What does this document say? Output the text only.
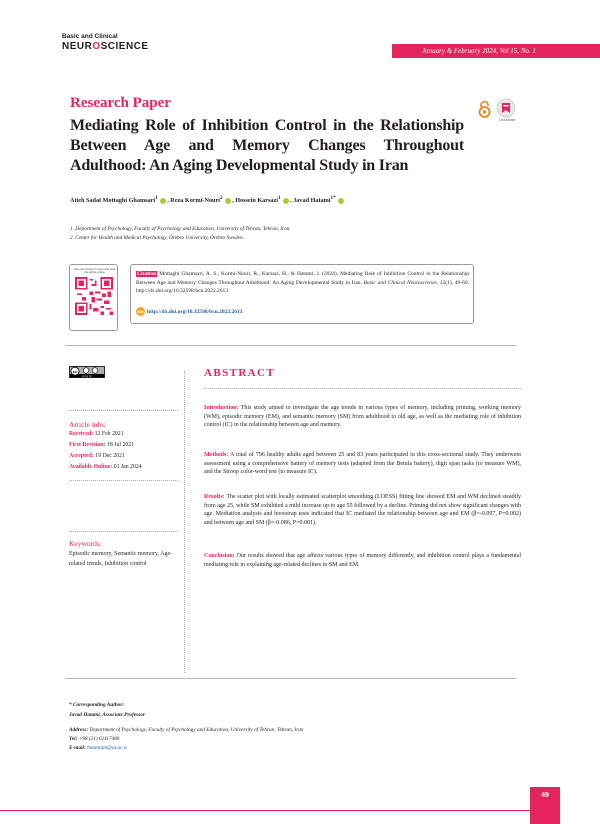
Basic and Clinical
NEUROSCIENCE	January & February 2024, Vol 15, No. 1
Research Paper
Mediating Role of Inhibition Control in the Relationship Between Age and Memory Changes Throughout Adulthood: An Aging Developmental Study in Iran
CrossMark
Atieh Sadat Mottaghi Ghamsari$^1$ , Reza Kormi-Nouri$^2$ , Hossein Karsazi$^1$ , Javad Hatami$^{1*}$
1. Department of Psychology, Faculty of Psychology and Education, University of Tehran, Tehran, Iran.
2. Center for Health and Medical Psychology, Örebro University, Örebro Sweden.
Use your device to scan and read the article online	Citation Mottaghi Ghamsari, A. S., Kormi-Nouri, R., Karsazi, H., & Hatami, J. (2024). Mediating Role of Inhibition Control in the Relationship Between Age and Memory Changes Throughout Adulthood: An Aging Developmental Study in Iran. Basic and Clinical Neuroscience, 15(1), 49-60. http://dx.doi.org/10.32598/bcn.2022.2613
doi http://dx.doi.org/10.32598/bcn.2022.2613
cc
cc by nc	ABSTRACT
Article info:
Received: 12 Feb 2021
First Revision: 18 Jul 2021
Accepted: 19 Dec 2021
Available Online: 01 Jan 2024
Keywords:
Episodic memory, Semantic memory, Age-related trends, Inhibition control
Introduction: This study aimed to investigate the age trends in various types of memory, including priming, working memory (WM), episodic memory (EM), and semantic memory (SM) from adulthood to old age, as well as the mediating role of inhibition control (IC) in the relationship between age and memory.
Methods: A total of 796 healthy adults aged between 25 and 83 years participated in this cross-sectional study. They underwent assessment using a comprehensive battery of memory tests (adapted from the Betula battery), digit span tasks (to measure WM), and the Stroop color-word test (to measure IC).
Results: The scatter plot with locally estimated scatterplot smoothing (LOESS) fitting line showed EM and WM declined steadily from age 25, while SM exhibited a mild increase up to age 55 followed by a decline. Priming did not show significant changes with age. Mediation analysis and bootstrap tests indicated that IC mediated the relationship between age and EM (β=-0.097, P=0.002) and between age and SM (β=-0.086, P=0.001).
Conclusion: Our results showed that age affects various types of memory differently, and inhibition control plays a fundamental mediating role in explaining age-related declines in SM and EM.
* Corresponding Author:
Javad Hatami, Associate Professor
Address: Department of Psychology, Faculty of Psychology and Education, University of Tehran, Tehran, Iran
Tel: +98 (21) 61117480
E-mail: hatamijm@ut.ac.ir
49
